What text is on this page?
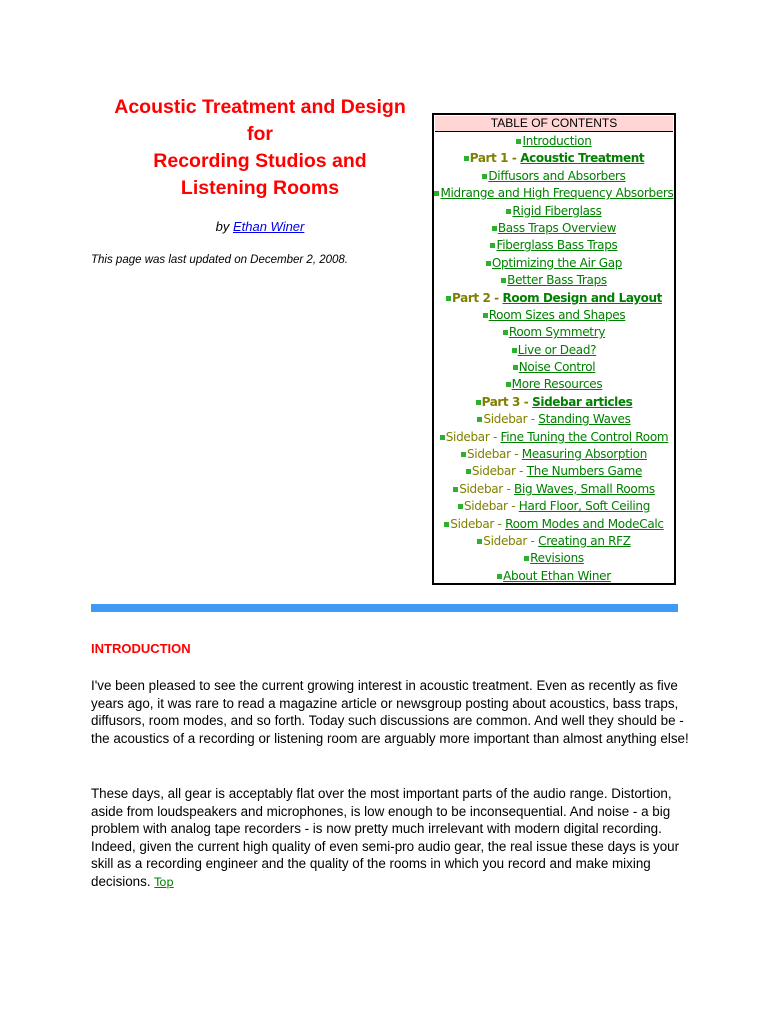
Acoustic Treatment and Design
for
Recording Studios and
Listening Rooms
by Ethan Winer
This page was last updated on December 2, 2008.
TABLE OF CONTENTS
Introduction
Part 1 - Acoustic Treatment
Diffusors and Absorbers
Midrange and High Frequency Absorbers
Rigid Fiberglass
Bass Traps Overview
Fiberglass Bass Traps
Optimizing the Air Gap
Better Bass Traps
Part 2 - Room Design and Layout
Room Sizes and Shapes
Room Symmetry
Live or Dead?
Noise Control
More Resources
Part 3 - Sidebar articles
Sidebar - Standing Waves
Sidebar - Fine Tuning the Control Room
Sidebar - Measuring Absorption
Sidebar - The Numbers Game
Sidebar - Big Waves, Small Rooms
Sidebar - Hard Floor, Soft Ceiling
Sidebar - Room Modes and ModeCalc
Sidebar - Creating an RFZ
Revisions
About Ethan Winer
INTRODUCTION

I've been pleased to see the current growing interest in acoustic treatment. Even as recently as five years ago, it was rare to read a magazine article or newsgroup posting about acoustics, bass traps, diffusors, room modes, and so forth. Today such discussions are common. And well they should be - the acoustics of a recording or listening room are arguably more important than almost anything else!

These days, all gear is acceptably flat over the most important parts of the audio range. Distortion, aside from loudspeakers and microphones, is low enough to be inconsequential. And noise - a big problem with analog tape recorders - is now pretty much irrelevant with modern digital recording. Indeed, given the current high quality of even semi-pro audio gear, the real issue these days is your skill as a recording engineer and the quality of the rooms in which you record and make mixing decisions. Top
